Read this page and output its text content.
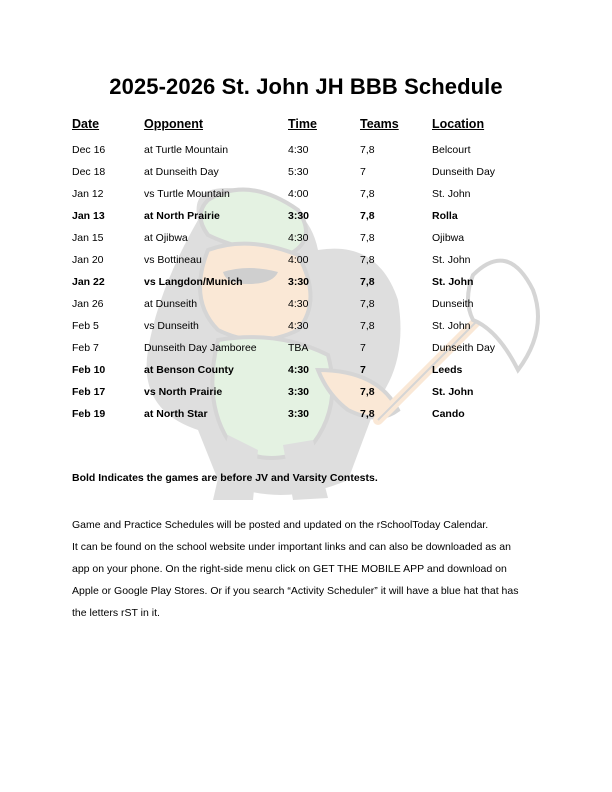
2025-2026 St. John JH BBB Schedule
Date	Opponent	Time	Teams	Location
Dec 16	at Turtle Mountain	4:30	7,8	Belcourt
Dec 18	at Dunseith Day	5:30	7	Dunseith Day
Jan 12	vs Turtle Mountain	4:00	7,8	St. John
Jan 13	at North Prairie	3:30	7,8	Rolla
Jan 15	at Ojibwa	4:30	7,8	Ojibwa
Jan 20	vs Bottineau	4:00	7,8	St. John
Jan 22	vs Langdon/Munich	3:30	7,8	St. John
Jan 26	at Dunseith	4:30	7,8	Dunseith
Feb 5	vs Dunseith	4:30	7,8	St. John
Feb 7	Dunseith Day Jamboree	TBA	7	Dunseith Day
Feb 10	at Benson County	4:30	7	Leeds
Feb 17	vs North Prairie	3:30	7,8	St. John
Feb 19	at North Star	3:30	7,8	Cando
Bold Indicates the games are before JV and Varsity Contests.

Game and Practice Schedules will be posted and updated on the rSchoolToday Calendar.

It can be found on the school website under important links and can also be downloaded as an

app on your phone. On the right-side menu click on GET THE MOBILE APP and download on

Apple or Google Play Stores. Or if you search “Activity Scheduler” it will have a blue hat that has

the letters rST in it.
